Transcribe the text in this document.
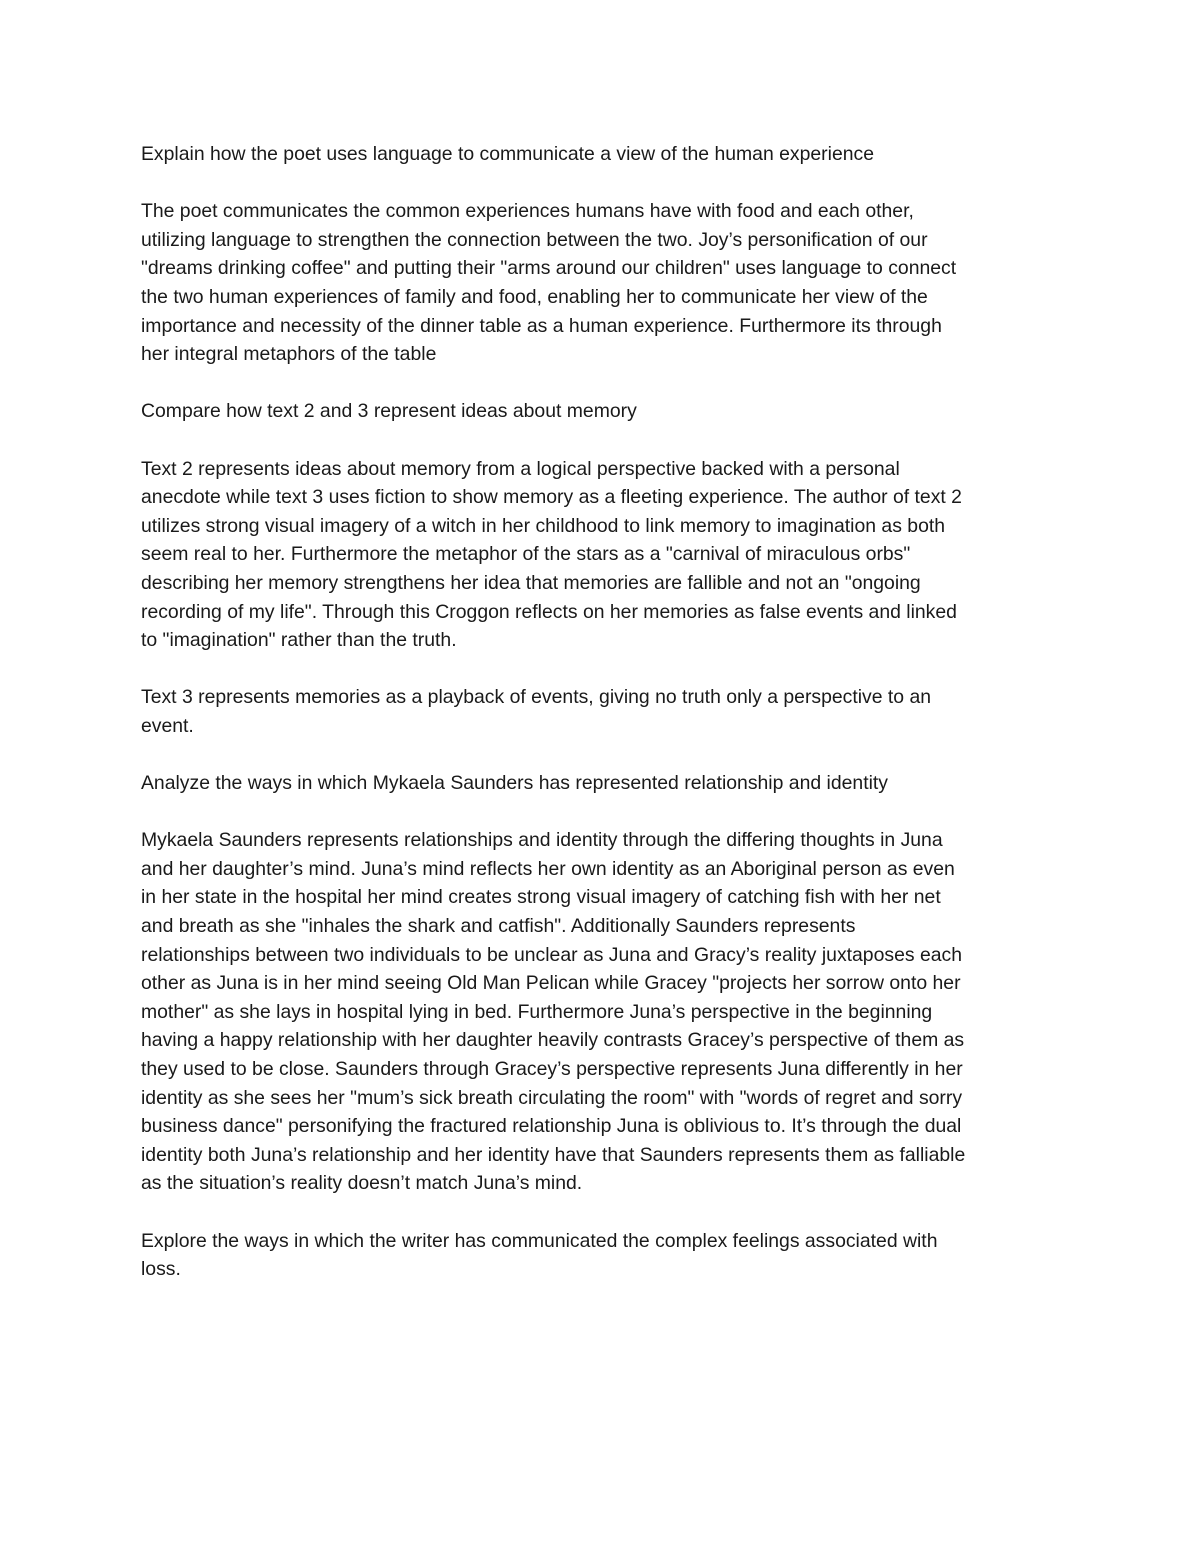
Explain how the poet uses language to communicate a view of the human experience

The poet communicates the common experiences humans have with food and each other,
utilizing language to strengthen the connection between the two. Joy’s personification of our
"dreams drinking coffee" and putting their "arms around our children" uses language to connect
the two human experiences of family and food, enabling her to communicate her view of the
importance and necessity of the dinner table as a human experience. Furthermore its through
her integral metaphors of the table

Compare how text 2 and 3 represent ideas about memory

Text 2 represents ideas about memory from a logical perspective backed with a personal
anecdote while text 3 uses fiction to show memory as a fleeting experience. The author of text 2
utilizes strong visual imagery of a witch in her childhood to link memory to imagination as both
seem real to her. Furthermore the metaphor of the stars as a "carnival of miraculous orbs"
describing her memory strengthens her idea that memories are fallible and not an "ongoing
recording of my life". Through this Croggon reflects on her memories as false events and linked
to "imagination" rather than the truth.

Text 3 represents memories as a playback of events, giving no truth only a perspective to an
event.

Analyze the ways in which Mykaela Saunders has represented relationship and identity

Mykaela Saunders represents relationships and identity through the differing thoughts in Juna
and her daughter’s mind. Juna’s mind reflects her own identity as an Aboriginal person as even
in her state in the hospital her mind creates strong visual imagery of catching fish with her net
and breath as she "inhales the shark and catfish". Additionally Saunders represents
relationships between two individuals to be unclear as Juna and Gracy’s reality juxtaposes each
other as Juna is in her mind seeing Old Man Pelican while Gracey "projects her sorrow onto her
mother" as she lays in hospital lying in bed. Furthermore Juna’s perspective in the beginning
having a happy relationship with her daughter heavily contrasts Gracey’s perspective of them as
they used to be close. Saunders through Gracey’s perspective represents Juna differently in her
identity as she sees her "mum’s sick breath circulating the room" with "words of regret and sorry
business dance" personifying the fractured relationship Juna is oblivious to. It’s through the dual
identity both Juna’s relationship and her identity have that Saunders represents them as falliable
as the situation’s reality doesn’t match Juna’s mind.

Explore the ways in which the writer has communicated the complex feelings associated with
loss.
